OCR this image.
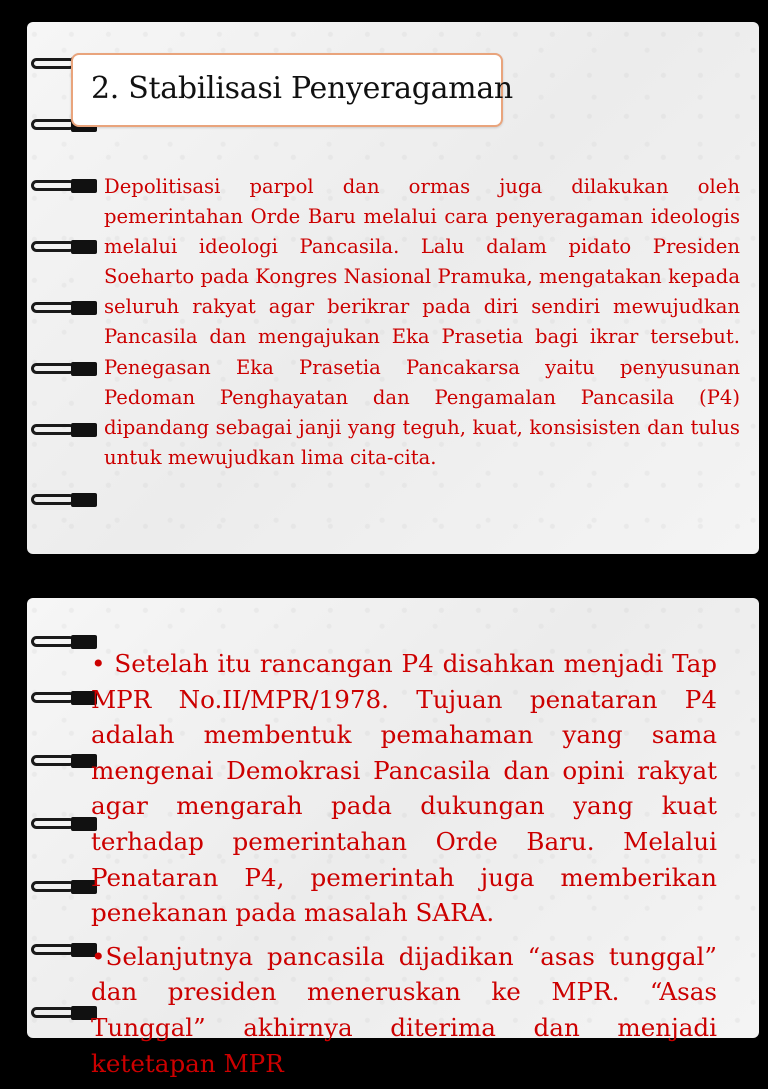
2. Stabilisasi Penyeragaman

Depolitisasi parpol dan ormas juga dilakukan oleh pemerintahan Orde Baru melalui cara penyeragaman ideologis melalui ideologi Pancasila. Lalu dalam pidato Presiden Soeharto pada Kongres Nasional Pramuka, mengatakan kepada seluruh rakyat agar berikrar pada diri sendiri mewujudkan Pancasila dan mengajukan Eka Prasetia bagi ikrar tersebut. Penegasan Eka Prasetia Pancakarsa yaitu penyusunan Pedoman Penghayatan dan Pengamalan Pancasila (P4) dipandang sebagai janji yang teguh, kuat, konsisisten dan tulus untuk mewujudkan lima cita-cita.

• Setelah itu rancangan P4 disahkan menjadi Tap MPR No.II/MPR/1978. Tujuan penataran P4 adalah membentuk pemahaman yang sama mengenai Demokrasi Pancasila dan opini rakyat agar mengarah pada dukungan yang kuat terhadap pemerintahan Orde Baru. Melalui Penataran P4, pemerintah juga memberikan penekanan pada masalah SARA.

•Selanjutnya pancasila dijadikan “asas tunggal” dan presiden meneruskan ke MPR. “Asas Tunggal” akhirnya diterima dan menjadi ketetapan MPR
